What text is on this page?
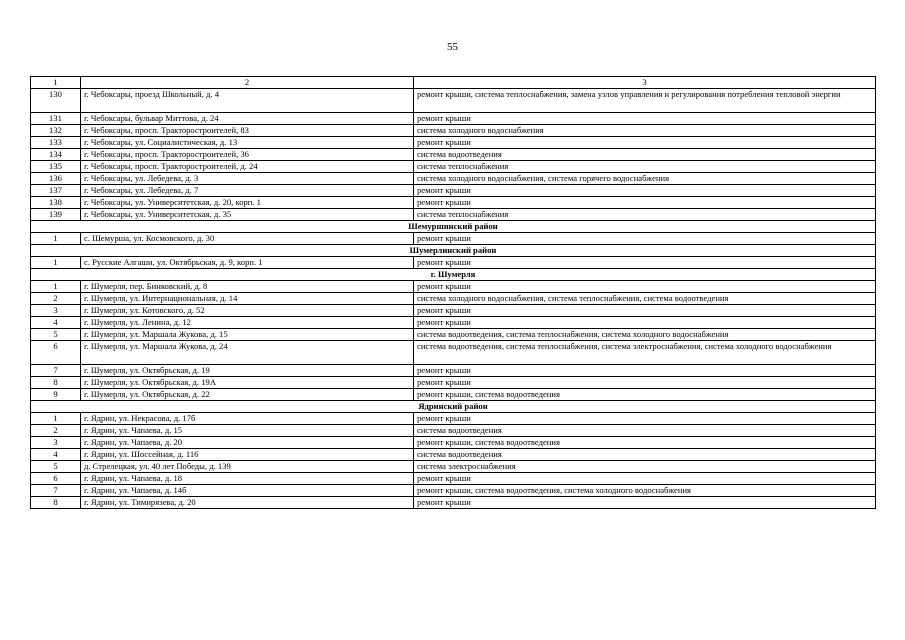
55
1	2	3
130	г. Чебоксары, проезд Школьный, д. 4	ремонт крыши, система теплоснабжения, замена узлов управления и регулирования потребления тепловой энергии
131	г. Чебоксары, бульвар Миттова, д. 24	ремонт крыши
132	г. Чебоксары, просп. Тракторостроителей, 83	система холодного водоснабжения
133	г. Чебоксары, ул. Социалистическая, д. 13	ремонт крыши
134	г. Чебоксары, просп. Тракторостроителей, 36	система водоотведения
135	г. Чебоксары, просп. Тракторостроителей, д. 24	система теплоснабжения
136	г. Чебоксары, ул. Лебедева, д. 3	система холодного водоснабжения, система горячего водоснабжения
137	г. Чебоксары, ул. Лебедева, д. 7	ремонт крыши
138	г. Чебоксары, ул. Университетская, д. 20, корп. 1	ремонт крыши
139	г. Чебоксары, ул. Университетская, д. 35	система теплоснабжения
Шемуршинский район		
1	с. Шемурша, ул. Космовского, д. 30	ремонт крыши
Шумерлинский район		
1	с. Русские Алгаши, ул. Октябрьская, д. 9, корп. 1	ремонт крыши
г. Шумерля		
1	г. Шумерля, пер. Бинковский, д. 8	ремонт крыши
2	г. Шумерля, ул. Интернациональная, д. 14	система холодного водоснабжения, система теплоснабжения, система водоотведения
3	г. Шумерля, ул. Котовского, д. 52	ремонт крыши
4	г. Шумерля, ул. Ленина, д. 12	ремонт крыши
5	г. Шумерля, ул. Маршала Жукова, д. 15	система водоотведения, система теплоснабжения, система холодного водоснабжения
6	г. Шумерля, ул. Маршала Жукова, д. 24	система водоотведения, система теплоснабжения, система электроснабжения, система холодного водоснабжения
7	г. Шумерля, ул. Октябрьская, д. 19	ремонт крыши
8	г. Шумерля, ул. Октябрьская, д. 19А	ремонт крыши
9	г. Шумерля, ул. Октябрьская, д. 22	ремонт крыши, система водоотведения
Ядринский район		
1	г. Ядрин, ул. Некрасова, д. 17б	ремонт крыши
2	г. Ядрин, ул. Чапаева, д. 15	система водоотведения
3	г. Ядрин, ул. Чапаева, д. 20	ремонт крыши, система водоотведения
4	г. Ядрин, ул. Шоссейная, д. 116	система водоотведения
5	д. Стрелецкая, ул. 40 лет Победы, д. 139	система электроснабжения
6	г. Ядрин, ул. Чапаева, д. 18	ремонт крыши
7	г. Ядрин, ул. Чапаева, д. 14б	ремонт крыши, система водоотведения, система холодного водоснабжения
8	г. Ядрин, ул. Тимирязева, д. 20	ремонт крыши
